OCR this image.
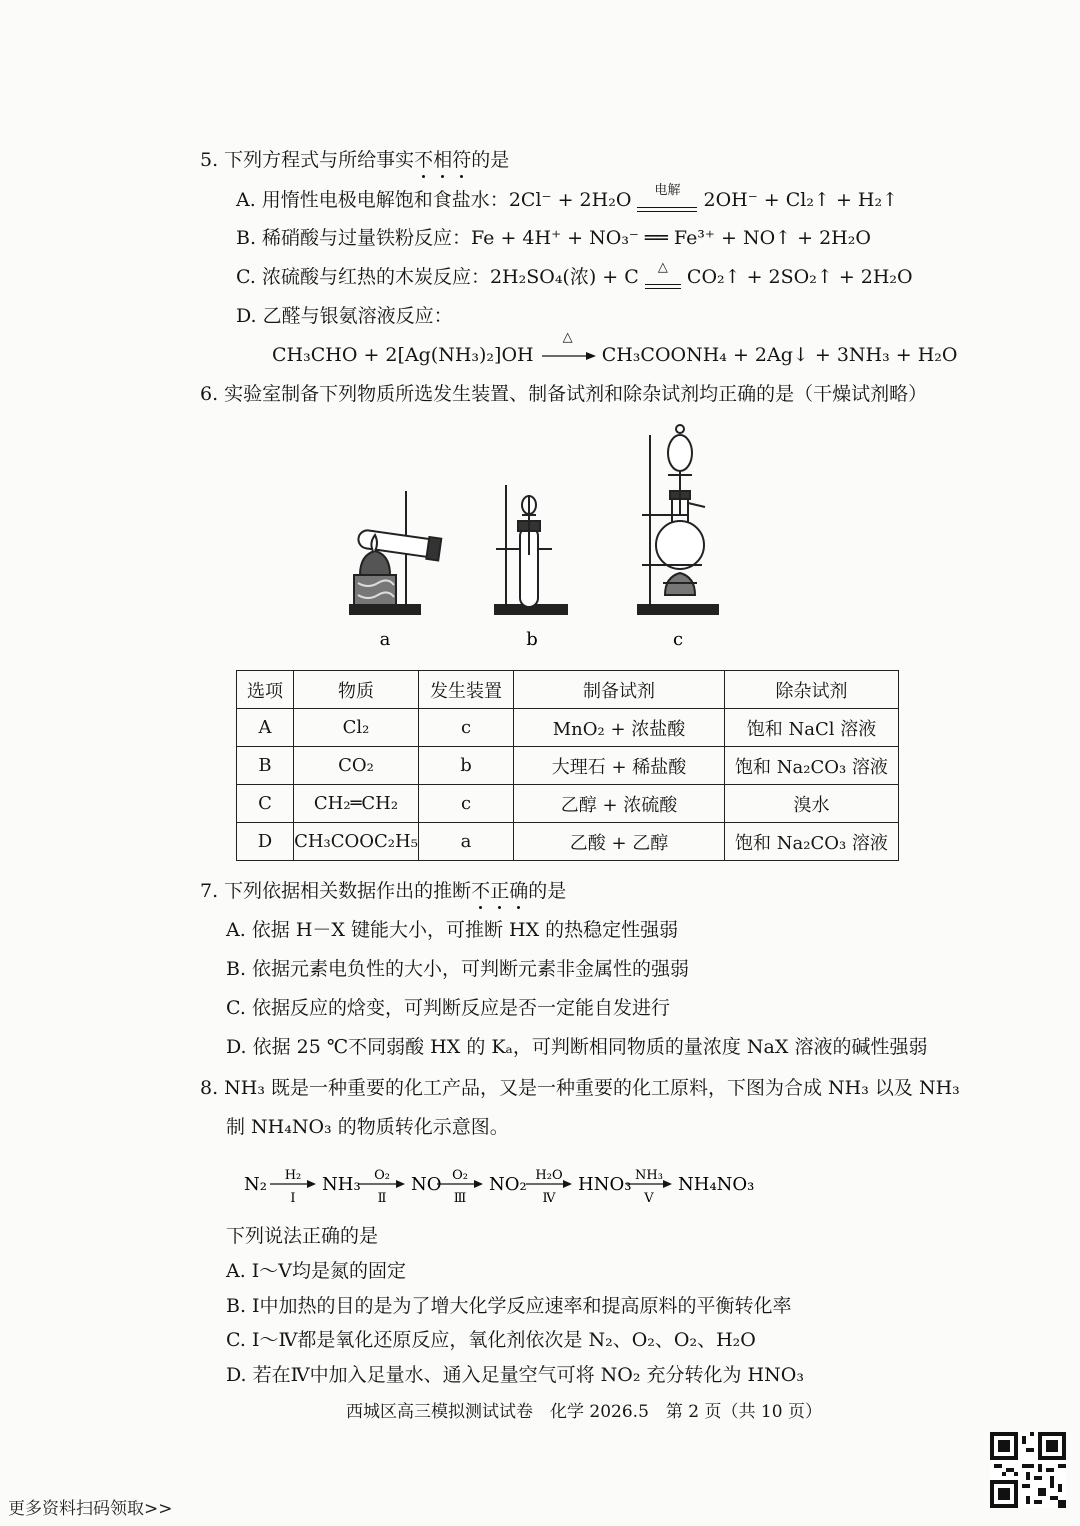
5. 下列方程式与所给事实不相符的是
A. 用惰性电极电解饱和食盐水：2Cl⁻ + 2H₂O	电解	2OH⁻ + Cl₂↑ + H₂↑
B. 稀硝酸与过量铁粉反应：Fe + 4H⁺ + NO₃⁻ ══ Fe³⁺ + NO↑ + 2H₂O
C. 浓硫酸与红热的木炭反应：2H₂SO₄(浓) + C	△	CO₂↑ + 2SO₂↑ + 2H₂O
D. 乙醛与银氨溶液反应：
CH₃CHO + 2[Ag(NH₃)₂]OH
△
CH₃COONH₄ + 2Ag↓ + 3NH₃ + H₂O
6. 实验室制备下列物质所选发生装置、制备试剂和除杂试剂均正确的是（干燥试剂略）
a	b	c
选项	物质	发生装置	制备试剂	除杂试剂
A	Cl₂	c	MnO₂ + 浓盐酸	饱和 NaCl 溶液
B	CO₂	b	大理石 + 稀盐酸	饱和 Na₂CO₃ 溶液
C	CH₂═CH₂	c	乙醇 + 浓硫酸	溴水
D	CH₃COOC₂H₅	a	乙酸 + 乙醇	饱和 Na₂CO₃ 溶液
7. 下列依据相关数据作出的推断不正确的是
A. 依据 H－X 键能大小，可推断 HX 的热稳定性强弱
B. 依据元素电负性的大小，可判断元素非金属性的强弱
C. 依据反应的焓变，可判断反应是否一定能自发进行
D. 依据 25 ℃不同弱酸 HX 的 Kₐ，可判断相同物质的量浓度 NaX 溶液的碱性强弱
8. NH₃ 既是一种重要的化工产品，又是一种重要的化工原料，下图为合成 NH₃ 以及 NH₃
制 NH₄NO₃ 的物质转化示意图。
N₂ H₂
Ⅰ
NH₃ O₂
Ⅱ
NO O₂
Ⅲ
NO₂ H₂O
Ⅳ
HNO₃ NH₃
Ⅴ
NH₄NO₃
下列说法正确的是
A. Ⅰ～Ⅴ均是氮的固定
B. Ⅰ中加热的目的是为了增大化学反应速率和提高原料的平衡转化率
C. Ⅰ～Ⅳ都是氧化还原反应，氧化剂依次是 N₂、O₂、O₂、H₂O
D. 若在Ⅳ中加入足量水、通入足量空气可将 NO₂ 充分转化为 HNO₃
西城区高三模拟测试试卷　化学 2026.5　第 2 页（共 10 页）
更多资料扫码领取>>
